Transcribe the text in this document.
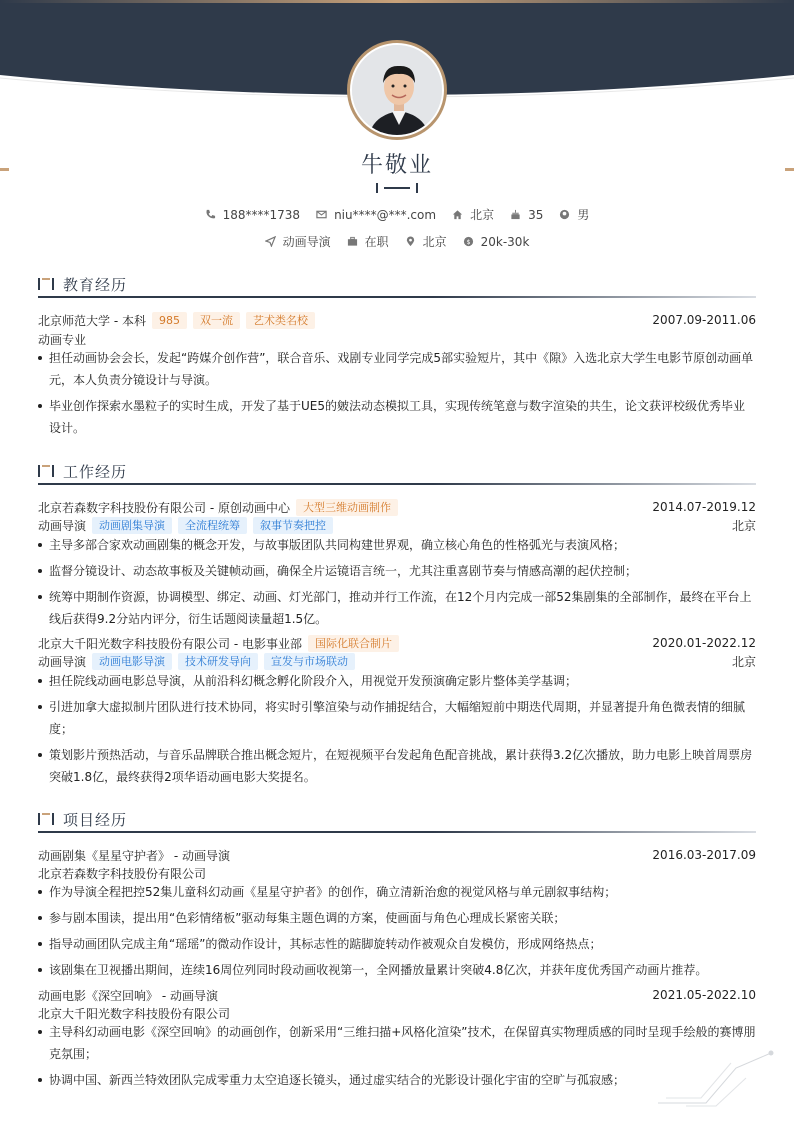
牛敬业
188****1738	niu****@***.com	北京	35	男
动画导演	在职	北京	$ 20k-30k
教育经历
北京师范大学 - 本科	985	双一流	艺术类名校	2007.09-2011.06
动画专业
担任动画协会会长，发起“跨媒介创作营”，联合音乐、戏剧专业同学完成5部实验短片，其中《隙》入选北京大学生电影节原创动画单元，本人负责分镜设计与导演。
毕业创作探索水墨粒子的实时生成，开发了基于UE5的皴法动态模拟工具，实现传统笔意与数字渲染的共生，论文获评校级优秀毕业设计。
工作经历
北京若森数字科技股份有限公司 - 原创动画中心	大型三维动画制作	2014.07-2019.12
动画导演	动画剧集导演	全流程统筹	叙事节奏把控	北京
主导多部合家欢动画剧集的概念开发，与故事版团队共同构建世界观，确立核心角色的性格弧光与表演风格；
监督分镜设计、动态故事板及关键帧动画，确保全片运镜语言统一，尤其注重喜剧节奏与情感高潮的起伏控制；
统筹中期制作资源，协调模型、绑定、动画、灯光部门，推动并行工作流，在12个月内完成一部52集剧集的全部制作，最终在平台上线后获得9.2分站内评分，衍生话题阅读量超1.5亿。
北京大千阳光数字科技股份有限公司 - 电影事业部	国际化联合制片	2020.01-2022.12
动画导演	动画电影导演	技术研发导向	宣发与市场联动	北京
担任院线动画电影总导演，从前沿科幻概念孵化阶段介入，用视觉开发预演确定影片整体美学基调；
引进加拿大虚拟制片团队进行技术协同，将实时引擎渲染与动作捕捉结合，大幅缩短前中期迭代周期，并显著提升角色微表情的细腻度；
策划影片预热活动，与音乐品牌联合推出概念短片，在短视频平台发起角色配音挑战，累计获得3.2亿次播放，助力电影上映首周票房突破1.8亿，最终获得2项华语动画电影大奖提名。
项目经历
动画剧集《星星守护者》 - 动画导演	2016.03-2017.09
北京若森数字科技股份有限公司
作为导演全程把控52集儿童科幻动画《星星守护者》的创作，确立清新治愈的视觉风格与单元剧叙事结构；
参与剧本围读，提出用“色彩情绪板”驱动每集主题色调的方案，使画面与角色心理成长紧密关联；
指导动画团队完成主角“瑶瑶”的微动作设计，其标志性的踮脚旋转动作被观众自发模仿，形成网络热点；
该剧集在卫视播出期间，连续16周位列同时段动画收视第一，全网播放量累计突破4.8亿次，并获年度优秀国产动画片推荐。
动画电影《深空回响》 - 动画导演	2021.05-2022.10
北京大千阳光数字科技股份有限公司
主导科幻动画电影《深空回响》的动画创作，创新采用“三维扫描+风格化渲染”技术，在保留真实物理质感的同时呈现手绘般的赛博朋克氛围；
协调中国、新西兰特效团队完成零重力太空追逐长镜头，通过虚实结合的光影设计强化宇宙的空旷与孤寂感；
